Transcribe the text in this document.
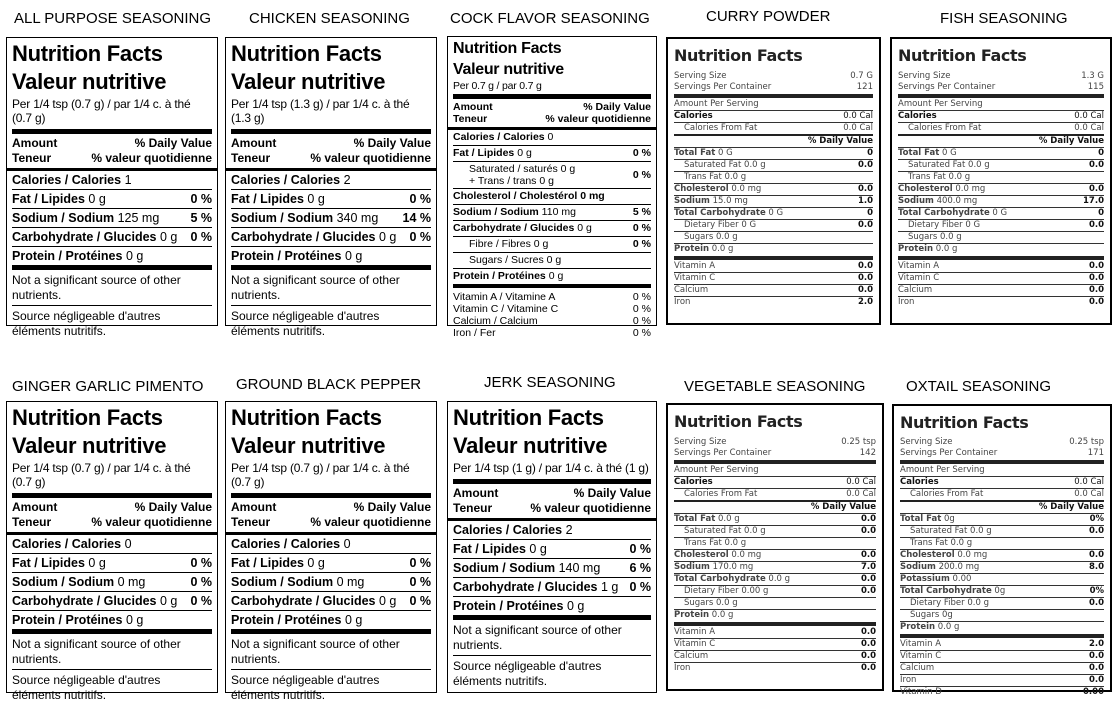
ALL PURPOSE SEASONING	CHICKEN SEASONING	COCK FLAVOR SEASONING	CURRY POWDER	FISH SEASONING
GINGER GARLIC PIMENTO GROUND BLACK PEPPER	JERK SEASONING	VEGETABLE SEASONING	OXTAIL SEASONING
Nutrition Facts
Valeur nutritive
Per 1/4 tsp (0.7 g) / par 1/4 c. à thé (0.7 g)
Amount	% Daily Value
Teneur	% valeur quotidienne
Calories / Calories 1
Fat / Lipides 0 g	0 %
Sodium / Sodium 125 mg 5 %
Carbohydrate / Glucides 0 g 0 %
Protein / Protéines 0 g
Not a significant source of other nutrients.
Source négligeable d'autres éléments nutritifs.
Nutrition Facts
Valeur nutritive
Per 1/4 tsp (1.3 g) / par 1/4 c. à thé (1.3 g)
Amount	% Daily Value
Teneur	% valeur quotidienne
Calories / Calories 2
Fat / Lipides 0 g	0 %
Sodium / Sodium 340 mg 14 %
Carbohydrate / Glucides 0 g 0 %
Protein / Protéines 0 g
Not a significant source of other nutrients.
Source négligeable d'autres éléments nutritifs.
Nutrition Facts
Valeur nutritive
Per 0.7 g / par 0.7 g
Amount	% Daily Value
Teneur	% valeur quotidienne
Calories / Calories 0
Fat / Lipides 0 g	0 %
Saturated / saturés 0 g
+ Trans / trans 0 g	0 %
Cholesterol / Cholestérol 0 mg
Sodium / Sodium 110 mg	5 %
Carbohydrate / Glucides 0 g	0 %
Fibre / Fibres 0 g	0 %
Sugars / Sucres 0 g
Protein / Protéines 0 g
Vitamin A / Vitamine A	0 %
Vitamin C / Vitamine C	0 %
Calcium / Calcium	0 %
Iron / Fer	0 %
Nutrition Facts
Serving Size	0.7 G
Servings Per Container	121
Amount Per Serving
Calories	0.0 Cal
Calories From Fat	0.0 Cal
% Daily Value
Total Fat 0 G	0
Saturated Fat 0.0 g	0.0
Trans Fat 0.0 g
Cholesterol 0.0 mg	0.0
Sodium 15.0 mg	1.0
Total Carbohydrate 0 G	0
Dietary Fiber 0 G	0.0
Sugars 0.0 g
Protein 0.0 g
Vitamin A	0.0
Vitamin C	0.0
Calcium	0.0
Iron	2.0
Nutrition Facts
Serving Size	1.3 G
Servings Per Container	115
Amount Per Serving
Calories	0.0 Cal
Calories From Fat	0.0 Cal
% Daily Value
Total Fat 0 G	0
Saturated Fat 0.0 g	0.0
Trans Fat 0.0 g
Cholesterol 0.0 mg	0.0
Sodium 400.0 mg	17.0
Total Carbohydrate 0 G	0
Dietary Fiber 0 G	0.0
Sugars 0.0 g
Protein 0.0 g
Vitamin A	0.0
Vitamin C	0.0
Calcium	0.0
Iron	0.0
Nutrition Facts
Valeur nutritive
Per 1/4 tsp (0.7 g) / par 1/4 c. à thé (0.7 g)
Amount	% Daily Value
Teneur	% valeur quotidienne
Calories / Calories 0
Fat / Lipides 0 g	0 %
Sodium / Sodium 0 mg	0 %
Carbohydrate / Glucides 0 g 0 %
Protein / Protéines 0 g
Not a significant source of other nutrients.
Source négligeable d'autres éléments nutritifs.
Nutrition Facts
Valeur nutritive
Per 1/4 tsp (0.7 g) / par 1/4 c. à thé (0.7 g)
Amount	% Daily Value
Teneur	% valeur quotidienne
Calories / Calories 0
Fat / Lipides 0 g	0 %
Sodium / Sodium 0 mg	0 %
Carbohydrate / Glucides 0 g 0 %
Protein / Protéines 0 g
Not a significant source of other nutrients.
Source négligeable d'autres éléments nutritifs.
Nutrition Facts
Valeur nutritive
Per 1/4 tsp (1 g) / par 1/4 c. à thé (1 g)
Amount	% Daily Value
Teneur	% valeur quotidienne
Calories / Calories 2
Fat / Lipides 0 g	0 %
Sodium / Sodium 140 mg 6 %
Carbohydrate / Glucides 1 g 0 %
Protein / Protéines 0 g
Not a significant source of other nutrients.
Source négligeable d'autres éléments nutritifs.
Nutrition Facts
Serving Size	0.25 tsp
Servings Per Container	142
Amount Per Serving
Calories	0.0 Cal
Calories From Fat	0.0 Cal
% Daily Value
Total Fat 0.0 g	0.0
Saturated Fat 0.0 g	0.0
Trans Fat 0.0 g
Cholesterol 0.0 mg	0.0
Sodium 170.0 mg	7.0
Total Carbohydrate 0.0 g	0.0
Dietary Fiber 0.00 g	0.0
Sugars 0.0 g
Protein 0.0 g
Vitamin A	0.0
Vitamin C	0.0
Calcium	0.0
Iron	0.0
Nutrition Facts
Serving Size	0.25 tsp
Servings Per Container	171
Amount Per Serving
Calories	0.0 Cal
Calories From Fat	0.0 Cal
% Daily Value
Total Fat 0g	0%
Saturated Fat 0.0 g	0.0
Trans Fat 0.0 g
Cholesterol 0.0 mg	0.0
Sodium 200.0 mg	8.0
Potassium 0.00
Total Carbohydrate 0g	0%
Dietary Fiber 0.0 g	0.0
Sugars 0g
Protein 0.0 g
Vitamin A	2.0
Vitamin C	0.0
Calcium	0.0
Iron	0.0
Vitamin D	0.00
